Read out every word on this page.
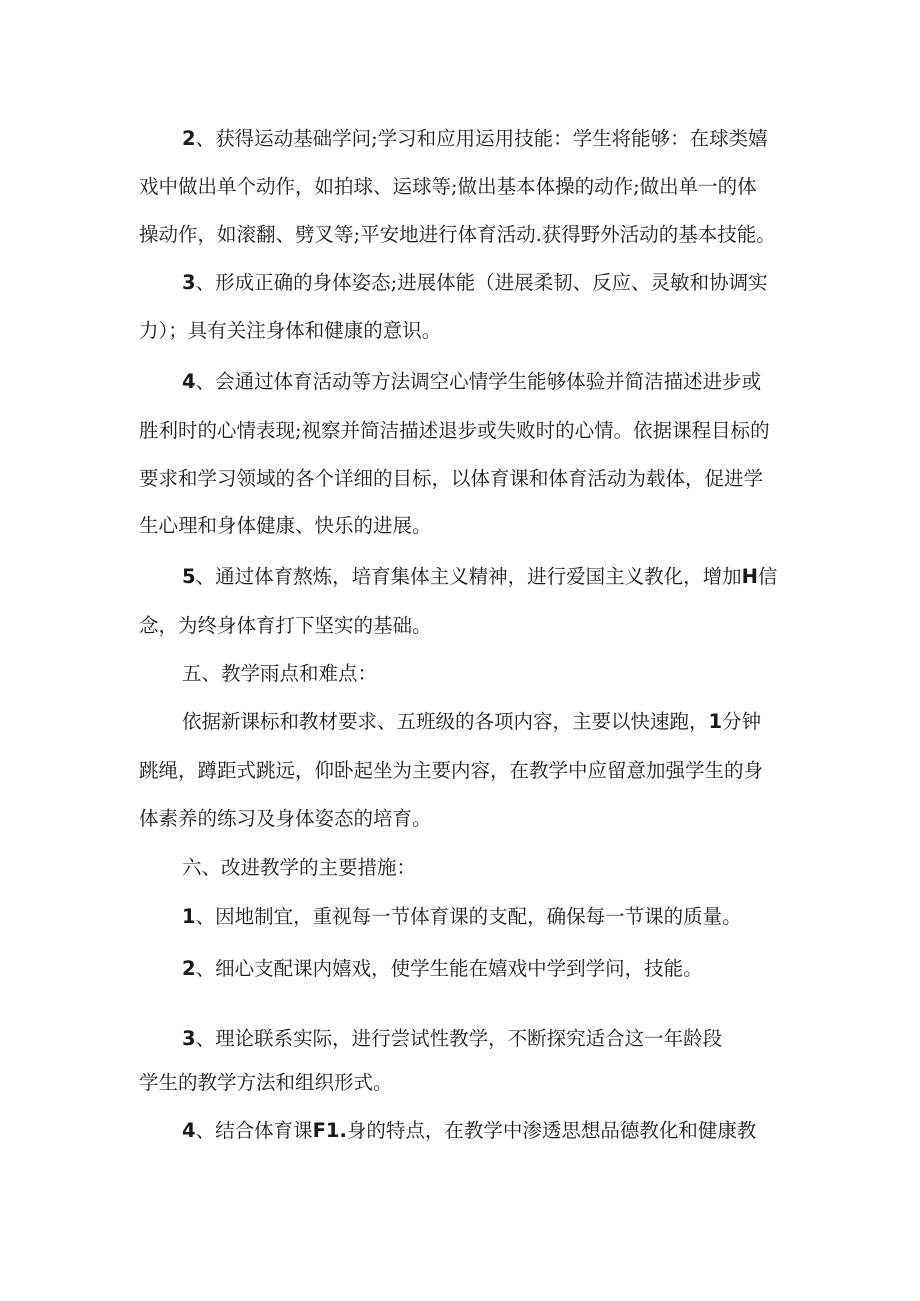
2、获得运动基础学问;学习和应用运用技能：学生将能够：在球类嬉
戏中做出单个动作，如拍球、运球等;做出基本体操的动作;做出单一的体
操动作，如滚翻、劈叉等;平安地进行体育活动.获得野外活动的基本技能。
3、形成正确的身体姿态;进展体能（进展柔韧、反应、灵敏和协调实
力）；具有关注身体和健康的意识。
4、会通过体育活动等方法调空心情学生能够体验并简洁描述进步或
胜利时的心情表现;视察并简洁描述退步或失败时的心情。依据课程目标的
要求和学习领域的各个详细的目标，以体育课和体育活动为载体，促进学
生心理和身体健康、快乐的进展。
5、通过体育熬炼，培育集体主义精神，进行爱国主义教化，增加H信
念，为终身体育打下坚实的基础。
五、教学雨点和难点：
依据新课标和教材要求、五班级的各项内容，主要以快速跑，1分钟
跳绳，蹲距式跳远，仰卧起坐为主要内容，在教学中应留意加强学生的身
体素养的练习及身体姿态的培育。
六、改进教学的主要措施：
1、因地制宜，重视每一节体育课的支配，确保每一节课的质量。
2、细心支配课内嬉戏，使学生能在嬉戏中学到学问，技能。
3、理论联系实际，进行尝试性教学，不断探究适合这一年龄段
学生的教学方法和组织形式。
4、结合体育课F1.身的特点，在教学中渗透思想品德教化和健康教
